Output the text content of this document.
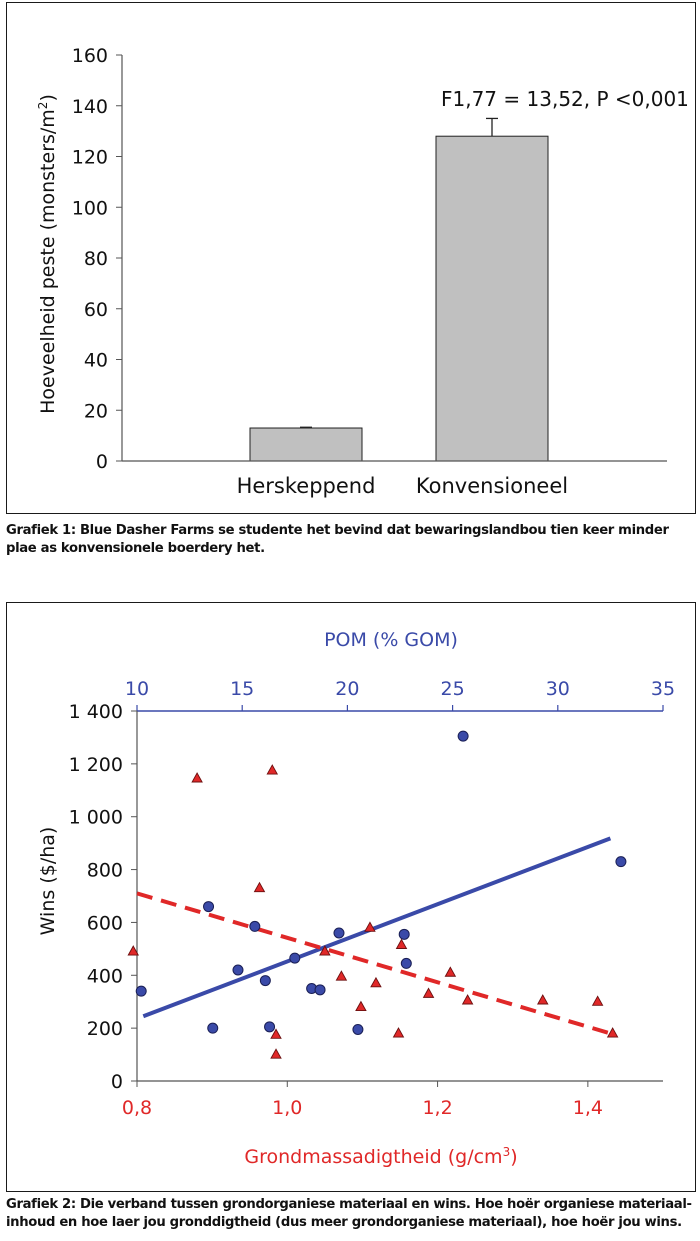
0
20
40
60
80
100
120
140
160
Herskeppend Konvensioneel
F1,77 = 13,52, P <0,001
Hoeveelheid peste $(monsters/m^2)$
Grafiek 1: Blue Dasher Farms se studente het bevind dat bewaringslandbou tien keer minder plae as konvensionele boerdery het.
POM (% GOM)
10	15	20	25	30	35
0
200
400
600
800
1 000
1 200
1 400
0,8	1,0	1,2	1,4
Wins ($/ha)
Grondmassadigtheid $(g/cm^3)$
Grafiek 2: Die verband tussen grondorganiese materiaal en wins. Hoe hoër organiese materiaal-inhoud en hoe laer jou gronddigtheid (dus meer grondorganiese materiaal), hoe hoër jou wins.
